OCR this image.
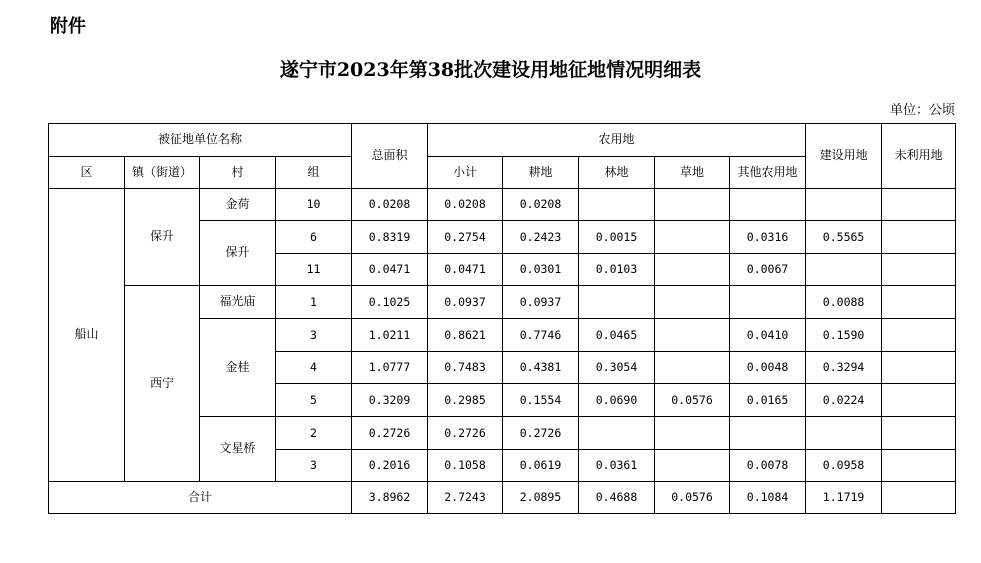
附件
遂宁市2023年第38批次建设用地征地情况明细表
单位：公顷
被征地单位名称				总面积	农用地					建设用地	未利用地
区	镇（街道）	村	组		小计	耕地	林地	草地	其他农用地		
船山	保升	金荷	10	0.0208	0.0208	0.0208					
		保升	6	0.8319	0.2754	0.2423	0.0015		0.0316	0.5565	
			11	0.0471	0.0471	0.0301	0.0103		0.0067		
	西宁	福光庙	1	0.1025	0.0937	0.0937				0.0088	
		金桂	3	1.0211	0.8621	0.7746	0.0465		0.0410	0.1590	
			4	1.0777	0.7483	0.4381	0.3054		0.0048	0.3294	
			5	0.3209	0.2985	0.1554	0.0690	0.0576	0.0165	0.0224	
		文星桥	2	0.2726	0.2726	0.2726					
			3	0.2016	0.1058	0.0619	0.0361		0.0078	0.0958	
合计				3.8962	2.7243	2.0895	0.4688	0.0576	0.1084	1.1719	
